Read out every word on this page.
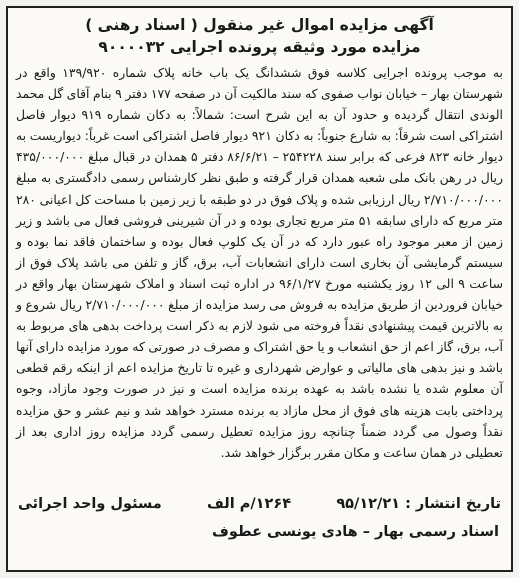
آگهی مزایده اموال غیر منقول ( اسناد رهنی )

مزایده مورد وثیقه پرونده اجرایی ۹۰۰۰۰۳۲

به موجب پرونده اجرایی کلاسه فوق ششدانگ یک باب خانه پلاک شماره ۱۳۹/۹۲۰ واقع در شهرستان بهار – خیابان نواب صفوی که سند مالکیت آن در صفحه ۱۷۷ دفتر ۹ بنام آقای گل محمد الوندی انتقال گردیده و حدود آن به این شرح است: شمالاً: به دکان شماره ۹۱۹ دیوار فاصل اشتراکی است شرقاً: به شارع جنوباً: به دکان ۹۲۱ دیوار فاصل اشتراکی است غرباً: دیواریست به دیوار خانه ۸۲۳ فرعی که برابر سند ۲۵۴۲۲۸ – ۸۶/۶/۲۱ دفتر ۵ همدان در قبال مبلغ ۴۳۵/۰۰۰/۰۰۰ ریال در رهن بانک ملی شعبه همدان قرار گرفته و طبق نظر کارشناس رسمی دادگستری به مبلغ ۲/۷۱۰/۰۰۰/۰۰۰ ریال ارزیابی شده و پلاک فوق در دو طبقه با زیر زمین با مساحت کل اعیانی ۲۸۰ متر مربع که دارای سابقه ۵۱ متر مربع تجاری بوده و در آن شیرینی فروشی فعال می باشد و زیر زمین از معبر موجود راه عبور دارد که در آن یک کلوپ فعال بوده و ساختمان فاقد نما بوده و سیستم گرمایشی آن بخاری است دارای انشعابات آب، برق، گاز و تلفن می باشد پلاک فوق از ساعت ۹ الی ۱۲ روز یکشنبه مورخ ۹۶/۱/۲۷ در اداره ثبت اسناد و املاک شهرستان بهار واقع در خیابان فروردین از طریق مزایده به فروش می رسد مزایده از مبلغ ۲/۷۱۰/۰۰۰/۰۰۰ ریال شروع و به بالاترین قیمت پیشنهادی نقداً فروخته می شود لازم به ذکر است پرداخت بدهی های مربوط به آب، برق، گاز اعم از حق انشعاب و یا حق اشتراک و مصرف در صورتی که مورد مزایده دارای آنها باشد و نیز بدهی های مالیاتی و عوارض شهرداری و غیره تا تاریخ مزایده اعم از اینکه رقم قطعی آن معلوم شده یا نشده باشد به عهده برنده مزایده است و نیز در صورت وجود مازاد، وجوه پرداختی بابت هزینه های فوق از محل مازاد به برنده مسترد خواهد شد و نیم عشر و حق مزایده نقداً وصول می گردد ضمناً چنانچه روز مزایده تعطیل رسمی گردد مزایده روز اداری بعد از تعطیلی در همان ساعت و مکان مقرر برگزار خواهد شد.

تاریخ انتشار : ۹۵/۱۲/۲۱
۱۲۶۴/م الف
مسئول واحد اجرائی
اسناد رسمی بهار – هادی یونسی عطوف
